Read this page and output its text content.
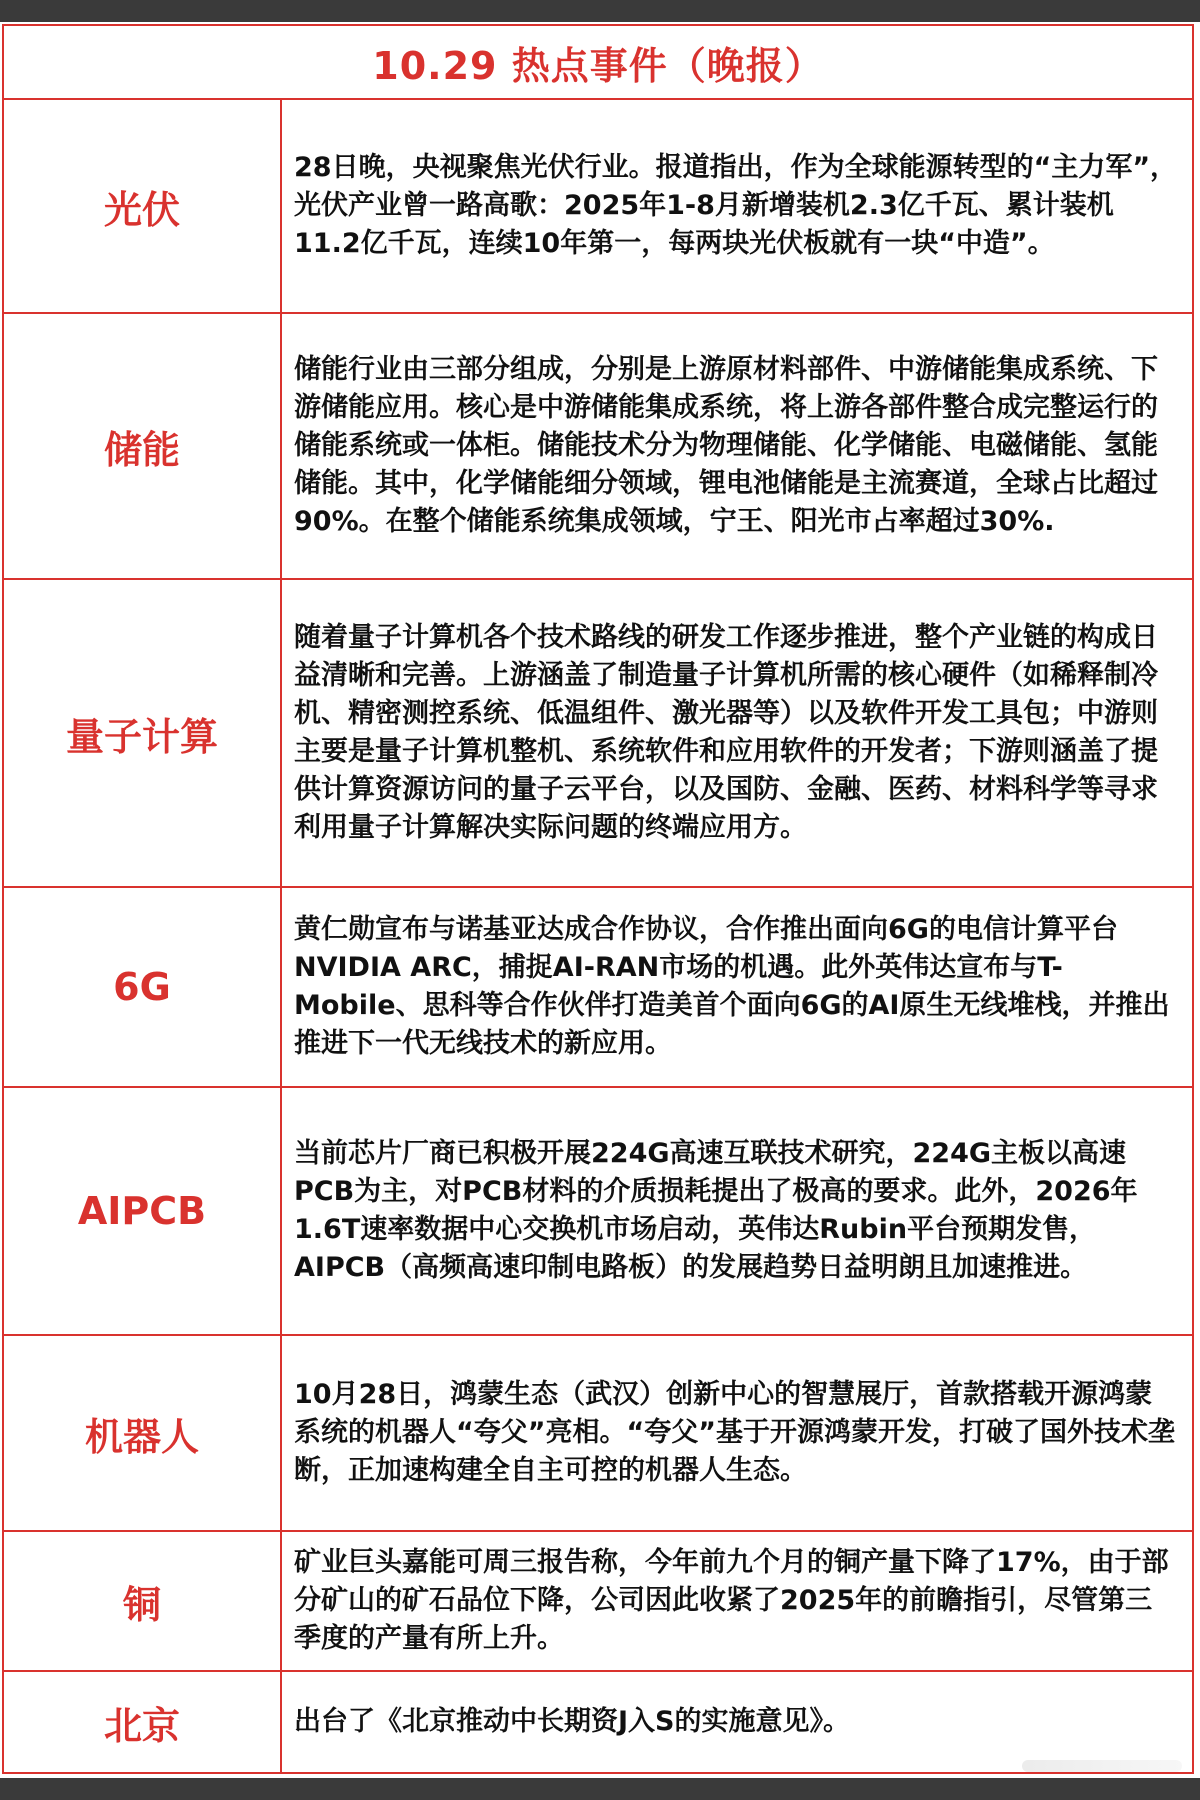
10.29 热点事件（晚报）
光伏
28日晚，央视聚焦光伏行业。报道指出，作为全球能源转型的“主力军”，光伏产业曾一路高歌：2025年1-8月新增装机2.3亿千瓦、累计装机11.2亿千瓦，连续10年第一，每两块光伏板就有一块“中造”。
储能
储能行业由三部分组成，分别是上游原材料部件、中游储能集成系统、下游储能应用。核心是中游储能集成系统，将上游各部件整合成完整运行的储能系统或一体柜。储能技术分为物理储能、化学储能、电磁储能、氢能储能。其中，化学储能细分领域，锂电池储能是主流赛道，全球占比超过90%。在整个储能系统集成领域，宁王、阳光市占率超过30%.
量子计算
随着量子计算机各个技术路线的研发工作逐步推进，整个产业链的构成日益清晰和完善。上游涵盖了制造量子计算机所需的核心硬件（如稀释制冷机、精密测控系统、低温组件、激光器等）以及软件开发工具包；中游则主要是量子计算机整机、系统软件和应用软件的开发者；下游则涵盖了提供计算资源访问的量子云平台，以及国防、金融、医药、材料科学等寻求利用量子计算解决实际问题的终端应用方。
6G
黄仁勋宣布与诺基亚达成合作协议，合作推出面向6G的电信计算平台NVIDIA ARC，捕捉AI-RAN市场的机遇。此外英伟达宣布与T-Mobile、思科等合作伙伴打造美首个面向6G的AI原生无线堆栈，并推出推进下一代无线技术的新应用。
AIPCB
当前芯片厂商已积极开展224G高速互联技术研究，224G主板以高速PCB为主，对PCB材料的介质损耗提出了极高的要求。此外，2026年1.6T速率数据中心交换机市场启动，英伟达Rubin平台预期发售，AIPCB（高频高速印制电路板）的发展趋势日益明朗且加速推进。
机器人
10月28日，鸿蒙生态（武汉）创新中心的智慧展厅，首款搭载开源鸿蒙系统的机器人“夸父”亮相。“夸父”基于开源鸿蒙开发，打破了国外技术垄断，正加速构建全自主可控的机器人生态。
铜
矿业巨头嘉能可周三报告称，今年前九个月的铜产量下降了17%，由于部分矿山的矿石品位下降，公司因此收紧了2025年的前瞻指引，尽管第三季度的产量有所上升。
北京	出台了《北京推动中长期资J入S的实施意见》。
